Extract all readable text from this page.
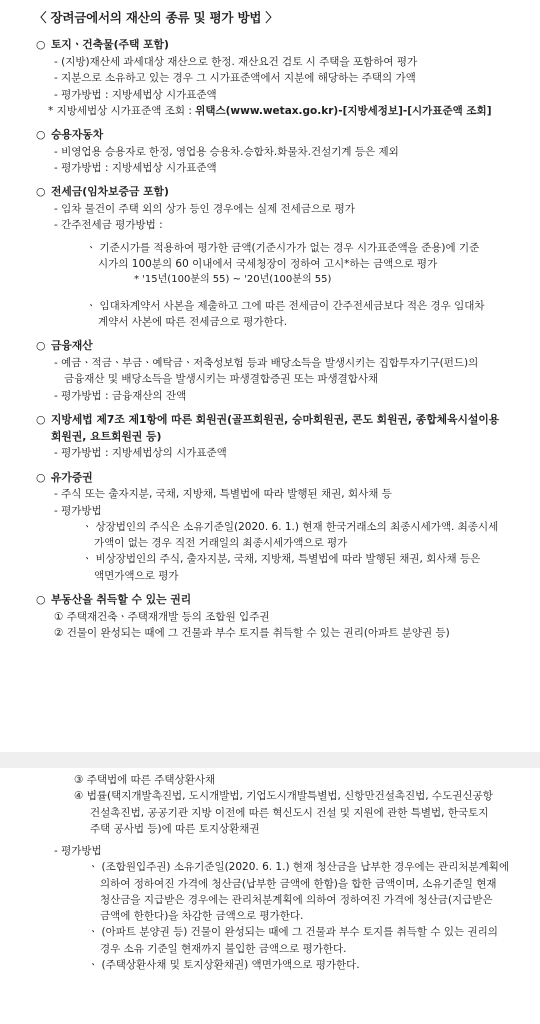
〈 장려금에서의 재산의 종류 및 평가 방법 〉
○ 토지ㆍ건축물(주택 포함)
- (지방)재산세 과세대상 재산으로 한정. 재산요건 검토 시 주택을 포함하여 평가
- 지분으로 소유하고 있는 경우 그 시가표준액에서 지분에 해당하는 주택의 가액
- 평가방법 : 지방세법상 시가표준액
* 지방세법상 시가표준액 조회 : 위택스(www.wetax.go.kr)-[지방세정보]-[시가표준액 조회]
○ 승용자동차
- 비영업용 승용자로 한정, 영업용 승용차.승합차.화물차.건설기계 등은 제외
- 평가방법 : 지방세법상 시가표준액
○ 전세금(임차보증금 포함)
- 임차 물건이 주택 외의 상가 등인 경우에는 실제 전세금으로 평가
- 간주전세금 평가방법 :
ㆍ 기준시가를 적용하여 평가한 금액(기준시가가 없는 경우 시가표준액을 준용)에 기준
시가의 100분의 60 이내에서 국세청장이 정하여 고시*하는 금액으로 평가
* '15년(100분의 55) ~ '20년(100분의 55)
ㆍ 임대차계약서 사본을 제출하고 그에 따른 전세금이 간주전세금보다 적은 경우 임대차
계약서 사본에 따른 전세금으로 평가한다.
○ 금융재산
- 예금ㆍ적금ㆍ부금ㆍ예탁금ㆍ저축성보험 등과 배당소득을 발생시키는 집합투자기구(펀드)의
금융재산 및 배당소득을 발생시키는 파생결합증권 또는 파생결합사채
- 평가방법 : 금융재산의 잔액
○ 지방세법 제7조 제1항에 따른 회원권(골프회원권, 승마회원권, 콘도 회원권, 종합체육시설이용
회원권, 요트회원권 등)
- 평가방법 : 지방세법상의 시가표준액
○ 유가증권
- 주식 또는 출자지분, 국채, 지방채, 특별법에 따라 발행된 채권, 회사채 등
- 평가방법
ㆍ 상장법인의 주식은 소유기준일(2020. 6. 1.) 현재 한국거래소의 최종시세가액. 최종시세
가액이 없는 경우 직전 거래일의 최종시세가액으로 평가
ㆍ 비상장법인의 주식, 출자지분, 국채, 지방채, 특별법에 따라 발행된 채권, 회사채 등은
액면가액으로 평가
○ 부동산을 취득할 수 있는 권리
① 주택재건축ㆍ주택재개발 등의 조합원 입주권
② 건물이 완성되는 때에 그 건물과 부수 토지를 취득할 수 있는 권리(아파트 분양권 등)
③ 주택법에 따른 주택상환사채
④ 법률(택지개발촉진법, 도시개발법, 기업도시개발특별법, 신항만건설촉진법, 수도권신공항
건설촉진법, 공공기관 지방 이전에 따른 혁신도시 건설 및 지원에 관한 특별법, 한국토지
주택 공사법 등)에 따른 토지상환채권
- 평가방법
ㆍ (조합원입주권) 소유기준일(2020. 6. 1.) 현재 청산금을 납부한 경우에는 관리처분계획에
의하여 정하여진 가격에 청산금(납부한 금액에 한함)을 합한 금액이며, 소유기준일 현재
청산금을 지급받은 경우에는 관리처분계획에 의하여 정하여진 가격에 청산금(지급받은
금액에 한한다)을 차감한 금액으로 평가한다.
ㆍ (아파트 분양권 등) 건물이 완성되는 때에 그 건물과 부수 토지를 취득할 수 있는 권리의
경우 소유 기준일 현재까지 불입한 금액으로 평가한다.
ㆍ (주택상환사채 및 토지상환채권) 액면가액으로 평가한다.
